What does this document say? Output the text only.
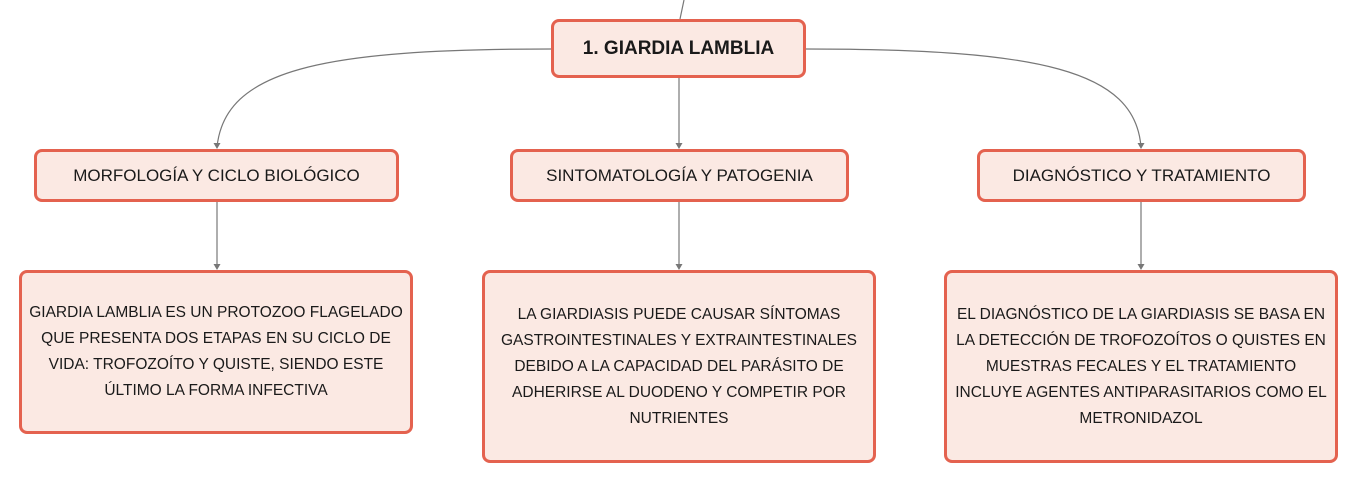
1. GIARDIA LAMBLIA
MORFOLOGÍA Y CICLO BIOLÓGICO	SINTOMATOLOGÍA Y PATOGENIA	DIAGNÓSTICO Y TRATAMIENTO
GIARDIA LAMBLIA ES UN PROTOZOO FLAGELADO QUE PRESENTA DOS ETAPAS EN SU CICLO DE VIDA: TROFOZOÍTO Y QUISTE, SIENDO ESTE ÚLTIMO LA FORMA INFECTIVA
LA GIARDIASIS PUEDE CAUSAR SÍNTOMAS GASTROINTESTINALES Y EXTRAINTESTINALES DEBIDO A LA CAPACIDAD DEL PARÁSITO DE ADHERIRSE AL DUODENO Y COMPETIR POR NUTRIENTES
EL DIAGNÓSTICO DE LA GIARDIASIS SE BASA EN LA DETECCIÓN DE TROFOZOÍTOS O QUISTES EN MUESTRAS FECALES Y EL TRATAMIENTO INCLUYE AGENTES ANTIPARASITARIOS COMO EL METRONIDAZOL
